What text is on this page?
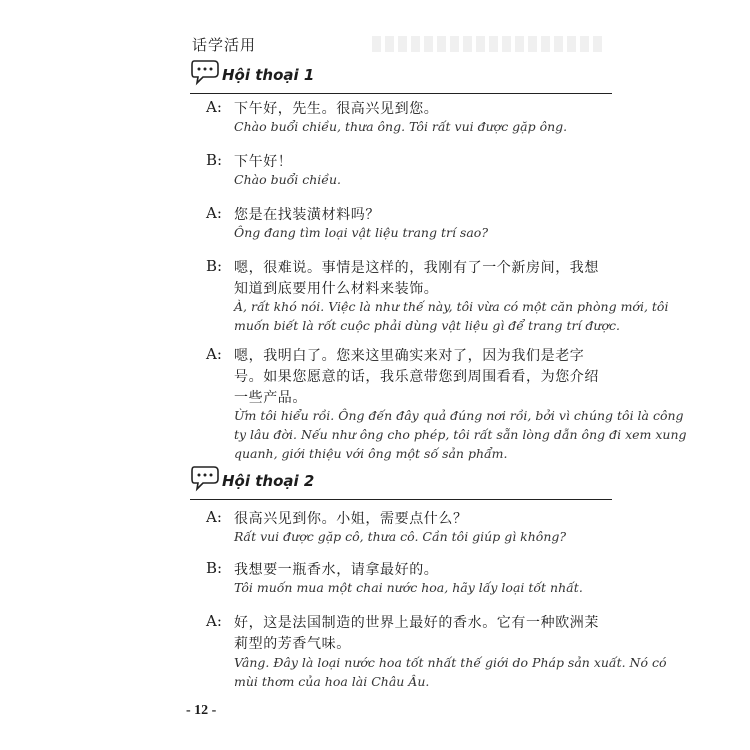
话学活用
Hội thoại 1
A: 下午好，先生。很高兴见到您。
Chào buổi chiều, thưa ông. Tôi rất vui được gặp ông.
B: 下午好！
Chào buổi chiều.
A: 您是在找装潢材料吗？
Ông đang tìm loại vật liệu trang trí sao?
B: 嗯，很难说。事情是这样的，我刚有了一个新房间，我想
知道到底要用什么材料来装饰。
À, rất khó nói. Việc là như thế này, tôi vừa có một căn phòng mới, tôi
muốn biết là rốt cuộc phải dùng vật liệu gì để trang trí được.
A: 嗯，我明白了。您来这里确实来对了，因为我们是老字
号。如果您愿意的话，我乐意带您到周围看看，为您介绍
一些产品。
Ừm tôi hiểu rồi. Ông đến đây quả đúng nơi rồi, bởi vì chúng tôi là công
ty lâu đời. Nếu như ông cho phép, tôi rất sẵn lòng dẫn ông đi xem xung
quanh, giới thiệu với ông một số sản phẩm.
Hội thoại 2
A: 很高兴见到你。小姐，需要点什么？
Rất vui được gặp cô, thưa cô. Cần tôi giúp gì không?
B: 我想要一瓶香水，请拿最好的。
Tôi muốn mua một chai nước hoa, hãy lấy loại tốt nhất.
A: 好，这是法国制造的世界上最好的香水。它有一种欧洲茉
莉型的芳香气味。
Vâng. Đây là loại nước hoa tốt nhất thế giới do Pháp sản xuất. Nó có
mùi thơm của hoa lài Châu Âu.
- 12 -
